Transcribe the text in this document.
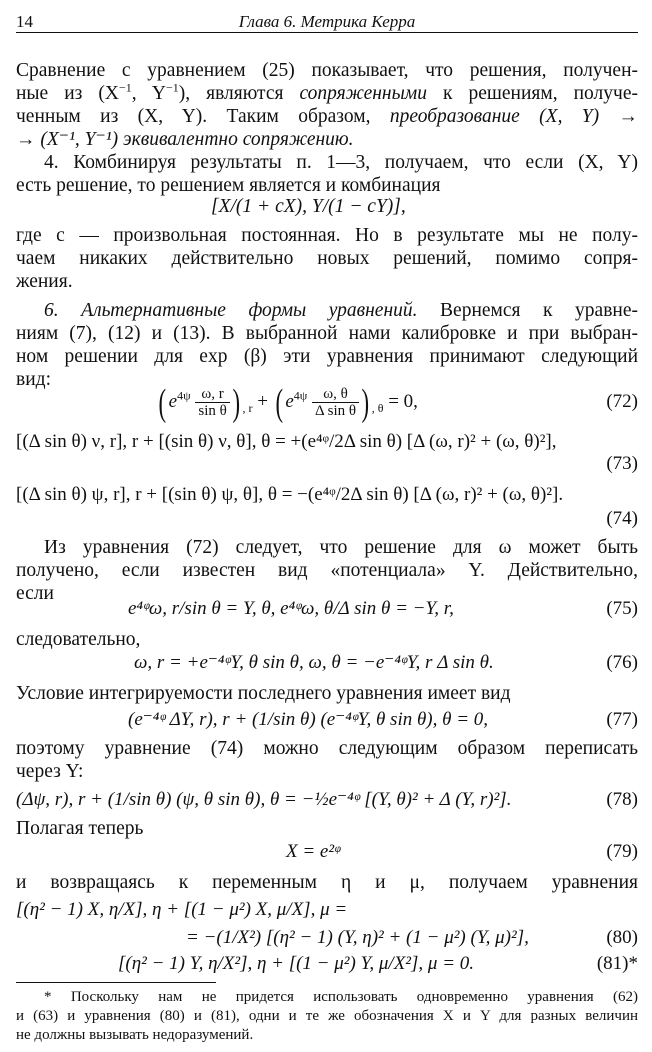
14	Глава 6. Метрика Керра
Сравнение с уравнением (25) показывает, что решения, получен-
ные из ($X^{-1}$, $Y^{-1}$), являются сопряженными к решениям, получе-
ченным из (X, Y). Таким образом, преобразование (X, Y) →
→ (X⁻¹, Y⁻¹) эквивалентно сопряжению.
4. Комбинируя результаты п. 1—3, получаем, что если (X, Y)
есть решение, то решением является и комбинация
[X/(1 + cX), Y/(1 − cY)],
где c — произвольная постоянная. Но в результате мы не полу-
чаем никаких действительно новых решений, помимо сопря-
жения.
6. Альтернативные формы уравнений. Вернемся к уравне-
ниям (7), (12) и (13). В выбранной нами калибровке и при выбран-
ном решении для exp (β) эти уравнения принимают следующий
вид:
( $e^{4\psi} \frac{\omega, r}{\text{sin θ}}$ ) $_{, r}$ + ( $e^{4\psi} \frac{\omega, \theta}{\text{Δ sin θ}}$ ) $_{, \theta}$ = 0,	(72)
[(Δ sin θ) ν, r], r + [(sin θ) ν, θ], θ = +(e⁴ᵠ/2Δ sin θ) [Δ (ω, r)² + (ω, θ)²],
(73)
[(Δ sin θ) ψ, r], r + [(sin θ) ψ, θ], θ = −(e⁴ᵠ/2Δ sin θ) [Δ (ω, r)² + (ω, θ)²].
(74)
Из уравнения (72) следует, что решение для ω может быть
получено, если известен вид «потенциала» Y. Действительно,
если
e⁴ᵠω, r/sin θ = Y, θ, e⁴ᵠω, θ/Δ sin θ = −Y, r,	(75)
следовательно,
ω, r = +e⁻⁴ᵠY, θ sin θ, ω, θ = −e⁻⁴ᵠY, r Δ sin θ.	(76)
Условие интегрируемости последнего уравнения имеет вид
(e⁻⁴ᵠ ΔY, r), r + (1/sin θ) (e⁻⁴ᵠY, θ sin θ), θ = 0,	(77)
поэтому уравнение (74) можно следующим образом переписать
через Y:
(Δψ, r), r + (1/sin θ) (ψ, θ sin θ), θ = −½e⁻⁴ᵠ [(Y, θ)² + Δ (Y, r)²].	(78)
Полагая теперь
X = e²ᵠ	(79)
и возвращаясь к переменным η и μ, получаем уравнения
[(η² − 1) X, η/X], η + [(1 − μ²) X, μ/X], μ =
= −(1/X²) [(η² − 1) (Y, η)² + (1 − μ²) (Y, μ)²],	(80)
[(η² − 1) Y, η/X²], η + [(1 − μ²) Y, μ/X²], μ = 0.	(81)*
* Поскольку нам не придется использовать одновременно уравнения (62)
и (63) и уравнения (80) и (81), одни и те же обозначения X и Y для разных величин
не должны вызывать недоразумений.
